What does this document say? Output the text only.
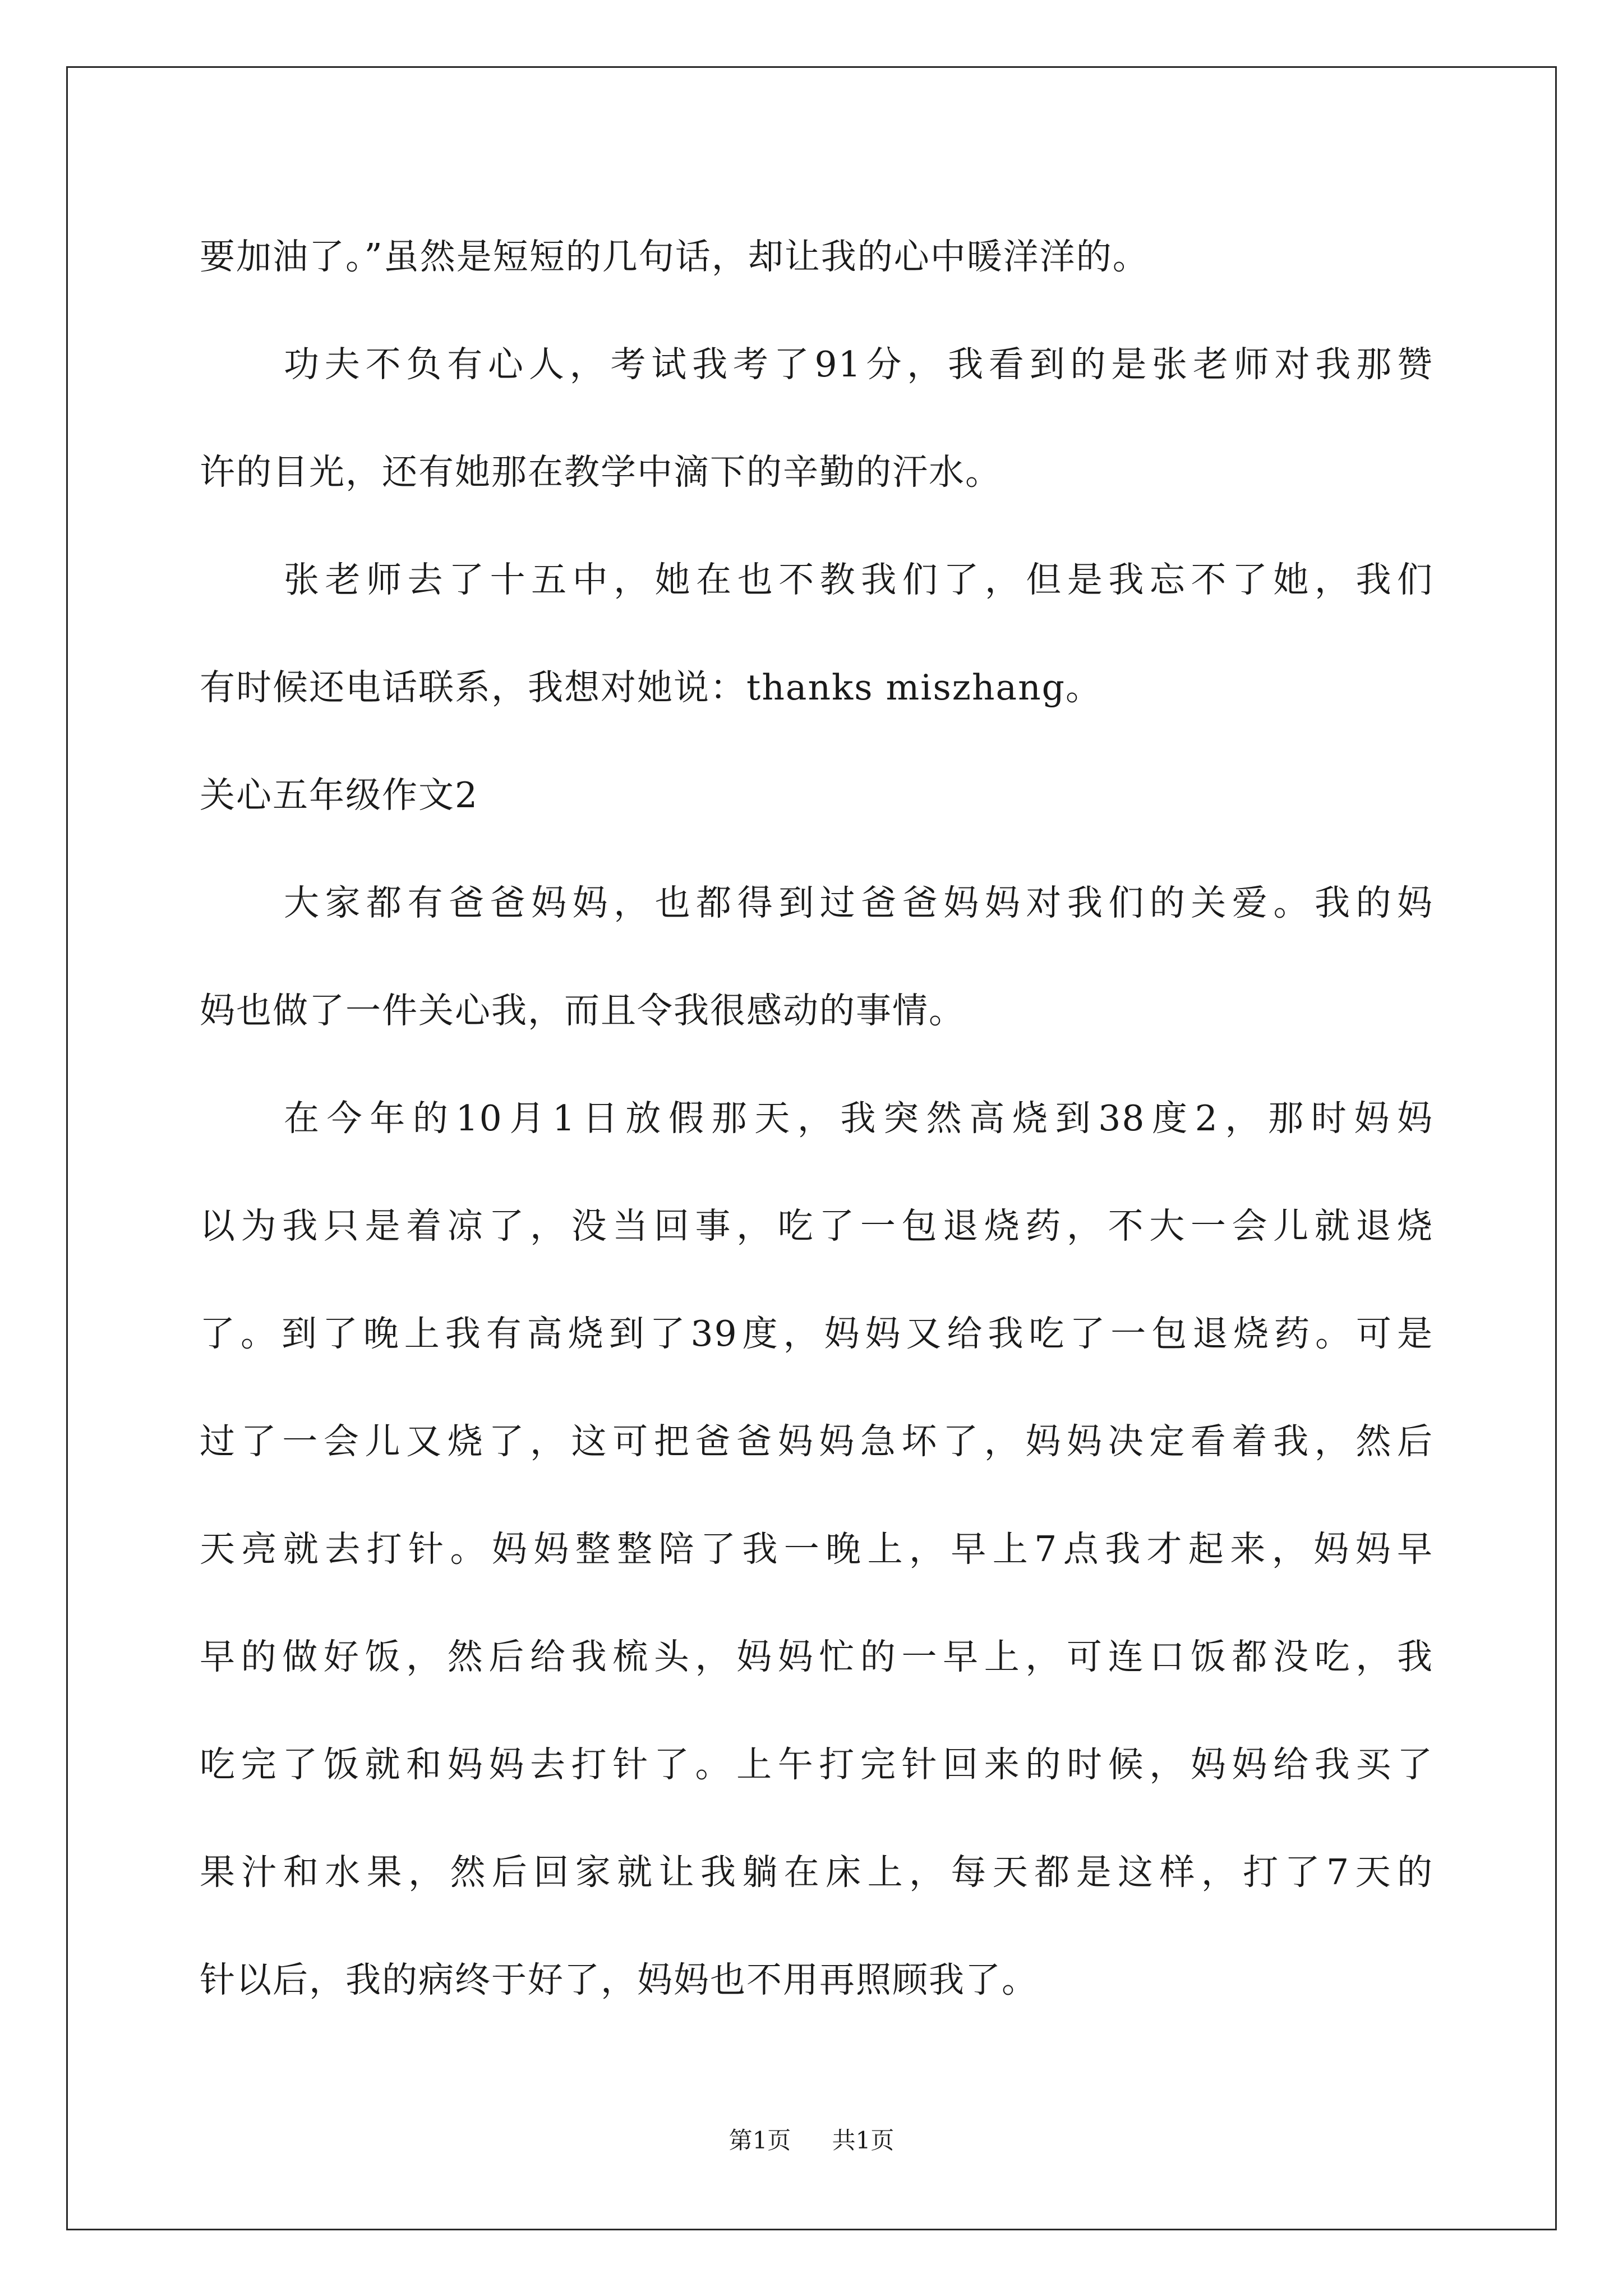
要加油了。”虽然是短短的几句话，却让我的心中暖洋洋的。
功夫不负有心人，考试我考了91分，我看到的是张老师对我那赞
许的目光，还有她那在教学中滴下的辛勤的汗水。
张老师去了十五中，她在也不教我们了，但是我忘不了她，我们
有时候还电话联系，我想对她说：thanks miszhang。
关心五年级作文2
大家都有爸爸妈妈，也都得到过爸爸妈妈对我们的关爱。我的妈
妈也做了一件关心我，而且令我很感动的事情。
在今年的10月1日放假那天，我突然高烧到38度2，那时妈妈
以为我只是着凉了，没当回事，吃了一包退烧药，不大一会儿就退烧
了。到了晚上我有高烧到了39度，妈妈又给我吃了一包退烧药。可是
过了一会儿又烧了，这可把爸爸妈妈急坏了，妈妈决定看着我，然后
天亮就去打针。妈妈整整陪了我一晚上，早上7点我才起来，妈妈早
早的做好饭，然后给我梳头，妈妈忙的一早上，可连口饭都没吃，我
吃完了饭就和妈妈去打针了。上午打完针回来的时候，妈妈给我买了
果汁和水果，然后回家就让我躺在床上，每天都是这样，打了7天的
针以后，我的病终于好了，妈妈也不用再照顾我了。
第1页 共1页
